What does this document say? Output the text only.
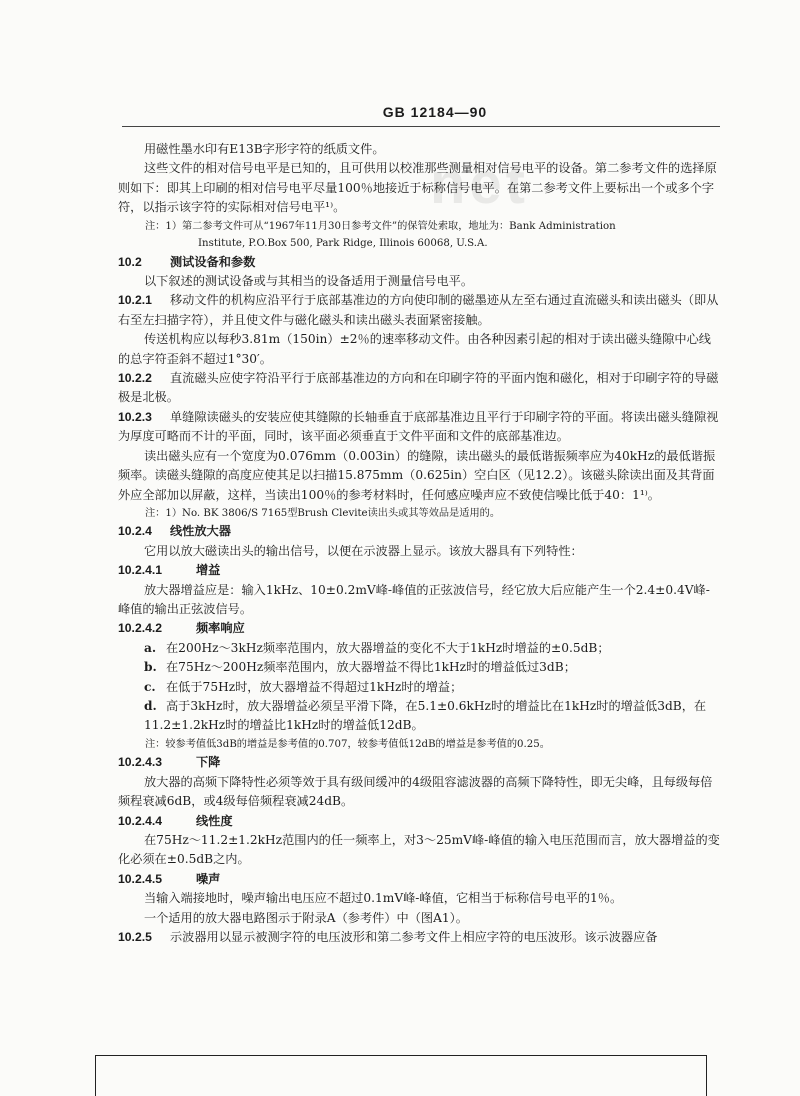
net
GB 12184—90

用磁性墨水印有E13B字形字符的纸质文件。

这些文件的相对信号电平是已知的，且可供用以校准那些测量相对信号电平的设备。第二参考文件的选择原则如下：即其上印刷的相对信号电平尽量100％地接近于标称信号电平。在第二参考文件上要标出一个或多个字符，以指示该字符的实际相对信号电平¹⁾。

注：1）第二参考文件可从“1967年11月30日参考文件”的保管处索取，地址为：Bank Administration

Institute, P.O.Box 500, Park Ridge, Illinois 60068, U.S.A.

10.2 测试设备和参数

以下叙述的测试设备或与其相当的设备适用于测量信号电平。

10.2.1 移动文件的机构应沿平行于底部基准边的方向使印制的磁墨迹从左至右通过直流磁头和读出磁头（即从右至左扫描字符），并且使文件与磁化磁头和读出磁头表面紧密接触。

传送机构应以每秒3.81m（150in）±2％的速率移动文件。由各种因素引起的相对于读出磁头缝隙中心线的总字符歪斜不超过1°30′。

10.2.2 直流磁头应使字符沿平行于底部基准边的方向和在印刷字符的平面内饱和磁化，相对于印刷字符的导磁极是北极。

10.2.3 单缝隙读磁头的安装应使其缝隙的长轴垂直于底部基准边且平行于印刷字符的平面。将读出磁头缝隙视为厚度可略而不计的平面，同时，该平面必须垂直于文件平面和文件的底部基准边。

读出磁头应有一个宽度为0.076mm（0.003in）的缝隙，读出磁头的最低谐振频率应为40kHz的最低谐振频率。读磁头缝隙的高度应使其足以扫描15.875mm（0.625in）空白区（见12.2）。该磁头除读出面及其背面外应全部加以屏蔽，这样，当读出100％的参考材料时，任何感应噪声应不致使信噪比低于40：1¹⁾。

注：1）No. BK 3806/S 7165型Brush Clevite读出头或其等效品是适用的。

10.2.4 线性放大器

它用以放大磁读出头的输出信号，以便在示波器上显示。该放大器具有下列特性：

10.2.4.1	增益

放大器增益应是：输入1kHz、10±0.2mV峰-峰值的正弦波信号，经它放大后应能产生一个2.4±0.4V峰-峰值的输出正弦波信号。

10.2.4.2	频率响应

a. 在200Hz～3kHz频率范围内，放大器增益的变化不大于1kHz时增益的±0.5dB；

b. 在75Hz～200Hz频率范围内，放大器增益不得比1kHz时的增益低过3dB；

c. 在低于75Hz时，放大器增益不得超过1kHz时的增益；

d. 高于3kHz时，放大器增益必须呈平滑下降，在5.1±0.6kHz时的增益比在1kHz时的增益低3dB，在11.2±1.2kHz时的增益比1kHz时的增益低12dB。

注：较参考值低3dB的增益是参考值的0.707，较参考值低12dB的增益是参考值的0.25。

10.2.4.3	下降

放大器的高频下降特性必须等效于具有级间缓冲的4级阻容滤波器的高频下降特性，即无尖峰，且每级每倍频程衰减6dB，或4级每倍频程衰减24dB。

10.2.4.4	线性度

在75Hz～11.2±1.2kHz范围内的任一频率上，对3～25mV峰-峰值的输入电压范围而言，放大器增益的变化必须在±0.5dB之内。

10.2.4.5	噪声

当输入端接地时，噪声输出电压应不超过0.1mV峰-峰值，它相当于标称信号电平的1％。

一个适用的放大器电路图示于附录A（参考件）中（图A1）。

10.2.5 示波器用以显示被测字符的电压波形和第二参考文件上相应字符的电压波形。该示波器应备
